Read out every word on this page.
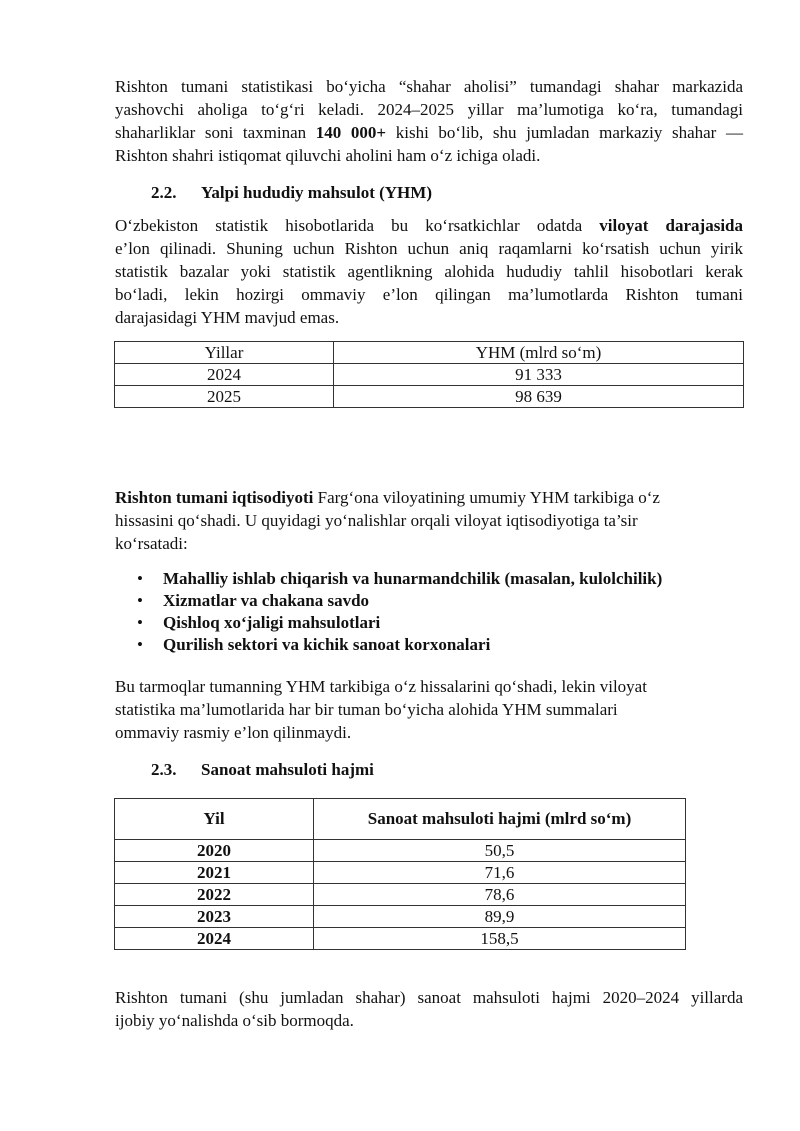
Rishton tumani statistikasi bo‘yicha “shahar aholisi” tumandagi shahar markazida
yashovchi aholiga to‘g‘ri keladi. 2024–2025 yillar ma’lumotiga ko‘ra, tumandagi
shaharliklar soni taxminan 140 000+ kishi bo‘lib, shu jumladan markaziy shahar —
Rishton shahri istiqomat qiluvchi aholini ham o‘z ichiga oladi.
2.2. Yalpi hududiy mahsulot (YHM)
O‘zbekiston statistik hisobotlarida bu ko‘rsatkichlar odatda viloyat darajasida
e’lon qilinadi. Shuning uchun Rishton uchun aniq raqamlarni ko‘rsatish uchun yirik
statistik bazalar yoki statistik agentlikning alohida hududiy tahlil hisobotlari kerak
bo‘ladi, lekin hozirgi ommaviy e’lon qilingan ma’lumotlarda Rishton tumani
darajasidagi YHM mavjud emas.
Yillar	YHM (mlrd so‘m)
2024	91 333
2025	98 639
Rishton tumani iqtisodiyoti Farg‘ona viloyatining umumiy YHM tarkibiga o‘z
hissasini qo‘shadi. U quyidagi yo‘nalishlar orqali viloyat iqtisodiyotiga ta’sir
ko‘rsatadi:
• Mahalliy ishlab chiqarish va hunarmandchilik (masalan, kulolchilik)
• Xizmatlar va chakana savdo
• Qishloq xo‘jaligi mahsulotlari
• Qurilish sektori va kichik sanoat korxonalari
Bu tarmoqlar tumanning YHM tarkibiga o‘z hissalarini qo‘shadi, lekin viloyat
statistika ma’lumotlarida har bir tuman bo‘yicha alohida YHM summalari
ommaviy rasmiy e’lon qilinmaydi.
2.3. Sanoat mahsuloti hajmi
Yil	Sanoat mahsuloti hajmi (mlrd so‘m)
2020	50,5
2021	71,6
2022	78,6
2023	89,9
2024	158,5
Rishton tumani (shu jumladan shahar) sanoat mahsuloti hajmi 2020–2024 yillarda
ijobiy yo‘nalishda o‘sib bormoqda.
